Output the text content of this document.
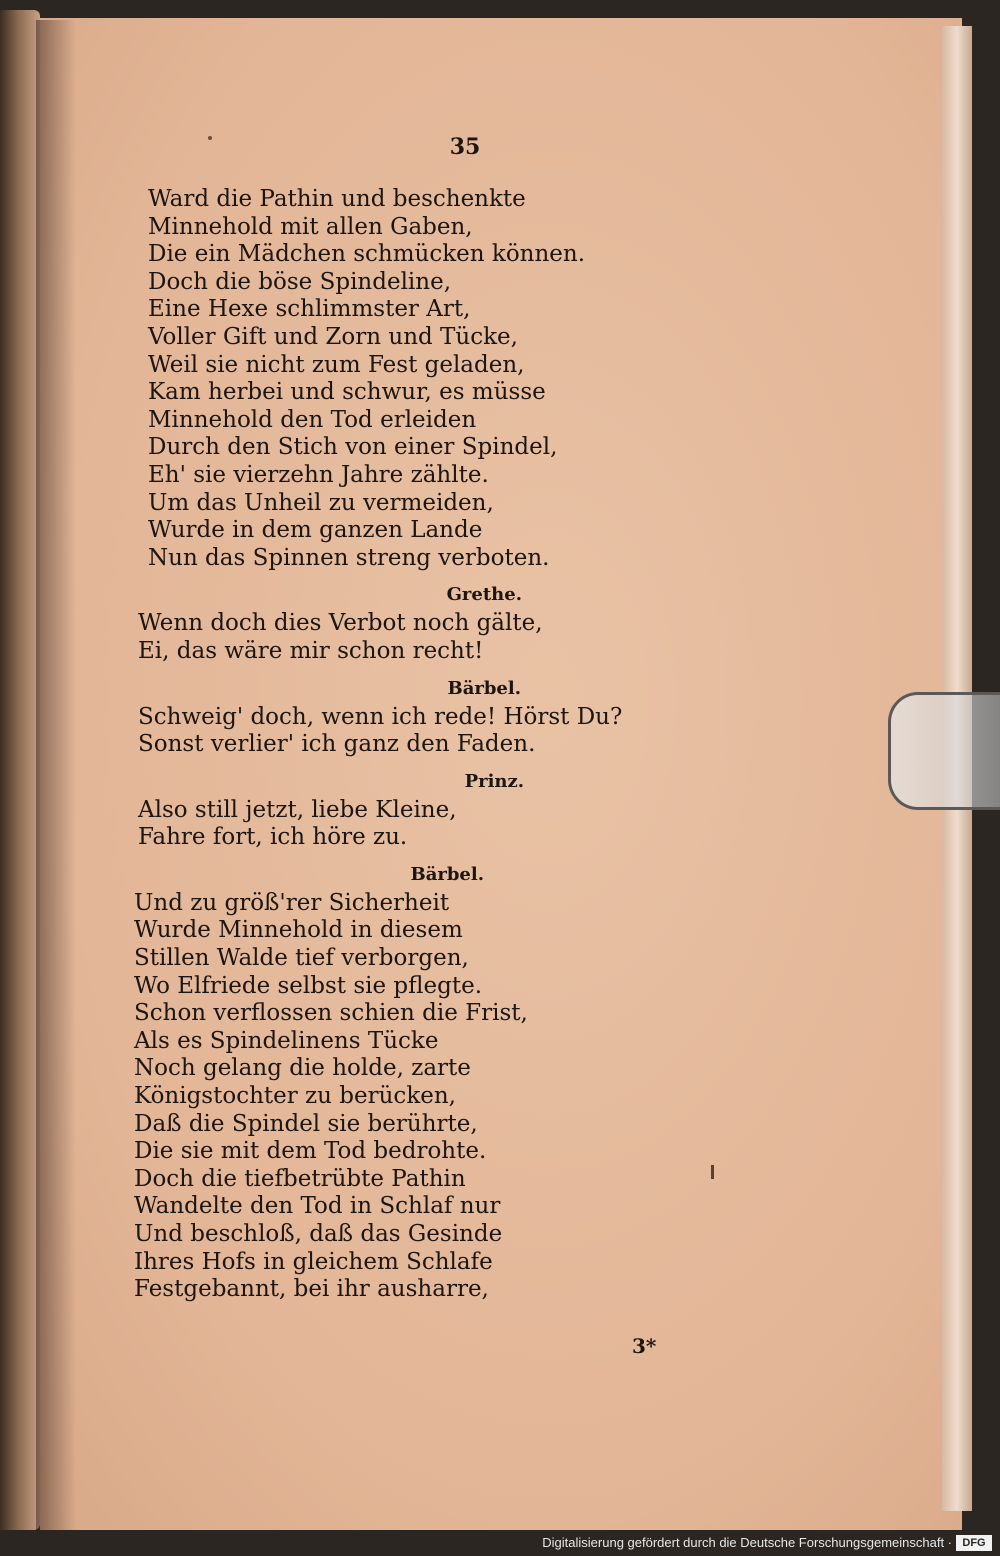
35
Ward die Pathin und beschenkte
Minnehold mit allen Gaben,
Die ein Mädchen schmücken können.
Doch die böse Spindeline,
Eine Hexe schlimmster Art,
Voller Gift und Zorn und Tücke,
Weil sie nicht zum Fest geladen,
Kam herbei und schwur, es müsse
Minnehold den Tod erleiden
Durch den Stich von einer Spindel,
Eh' sie vierzehn Jahre zählte.
Um das Unheil zu vermeiden,
Wurde in dem ganzen Lande
Nun das Spinnen streng verboten.
Grethe.
Wenn doch dies Verbot noch gälte,
Ei, das wäre mir schon recht!
Bärbel.
Schweig' doch, wenn ich rede! Hörst Du?
Sonst verlier' ich ganz den Faden.
Prinz.
Also still jetzt, liebe Kleine,
Fahre fort, ich höre zu.
Bärbel.
Und zu größ'rer Sicherheit
Wurde Minnehold in diesem
Stillen Walde tief verborgen,
Wo Elfriede selbst sie pflegte.
Schon verflossen schien die Frist,
Als es Spindelinens Tücke
Noch gelang die holde, zarte
Königstochter zu berücken,
Daß die Spindel sie berührte,
Die sie mit dem Tod bedrohte.
Doch die tiefbetrübte Pathin
Wandelte den Tod in Schlaf nur
Und beschloß, daß das Gesinde
Ihres Hofs in gleichem Schlafe
Festgebannt, bei ihr ausharre,
3*
Digitalisierung gefördert durch die Deutsche Forschungsgemeinschaft · DFG
